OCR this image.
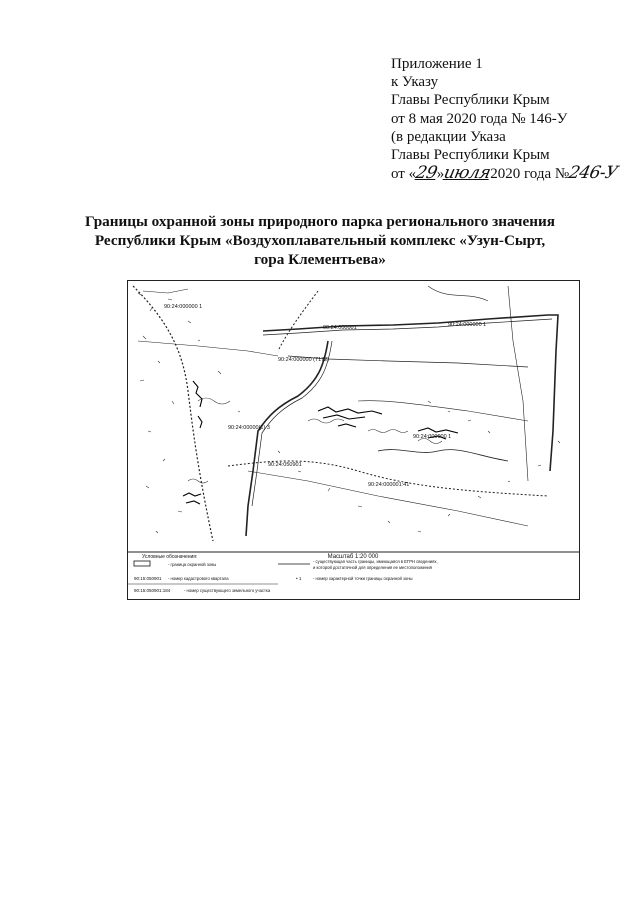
Приложение 1
к Указу
Главы Республики Крым
от 8 мая 2020 года № 146-У
(в редакции Указа
Главы Республики Крым
от «29»июля2020 года №246-У
Границы охранной зоны природного парка регионального значения
Республики Крым «Воздухоплавательный комплекс «Узун-Сырт,
гора Клементьева»
90:24:000000 1
90:24:000001
90:24:000000 (7172)
90:24:00000(1) 3
90:24:000000 1
90:24:000000 1
90:24:000001:41
90:24:050901
Масштаб 1:20 000
Условные обозначения:
- граница охранной зоны
- существующая часть границы, имеющаяся в ЕГРН сведениях,
и которой достаточной для определения ее местоположения
90:15:050901 - номер кадастрового квартала	• 1	- номер характерной точки границы охранной зоны
90:15:050901:184	- номер существующего земельного участка
